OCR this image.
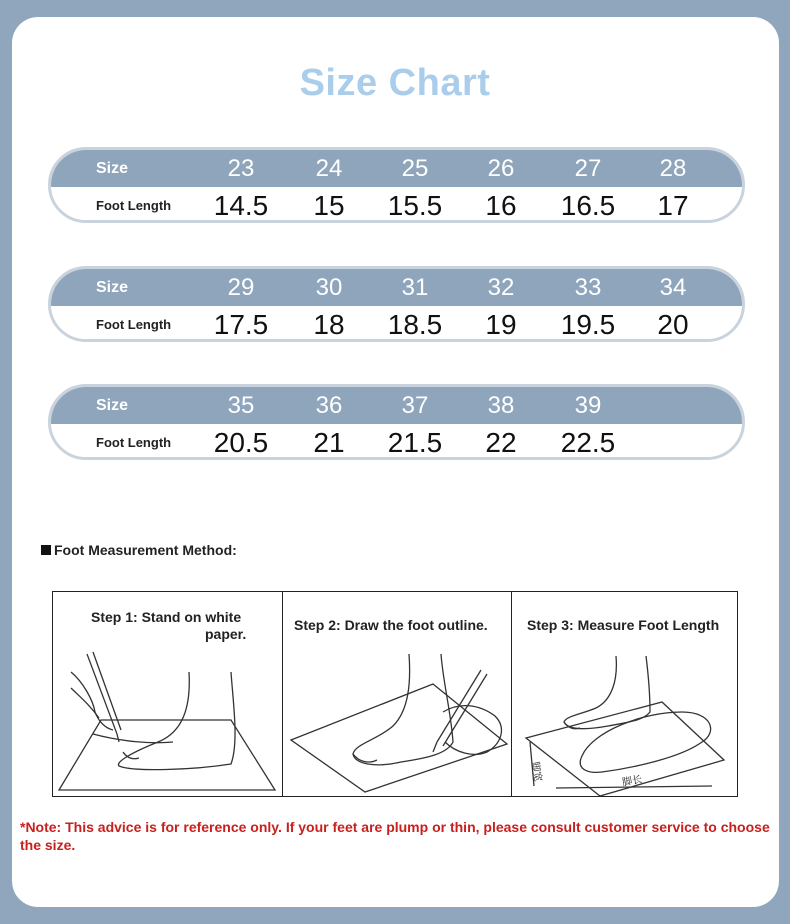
Size Chart
Size	23	24	25	26	27	28
Foot Length	14.5	15	15.5	16	16.5	17
Size	29	30	31	32	33	34
Foot Length	17.5	18	18.5	19	19.5	20
Size	35	36	37	38	39
Foot Length	20.5	21	21.5	22	22.5
Foot Measurement Method:
Step 1: Stand on white
paper.
Step 2: Draw the foot outline.	Step 3: Measure Foot Length
脚宽	脚长
*Note: This advice is for reference only. If your feet are plump or thin, please consult customer service to choose the size.
